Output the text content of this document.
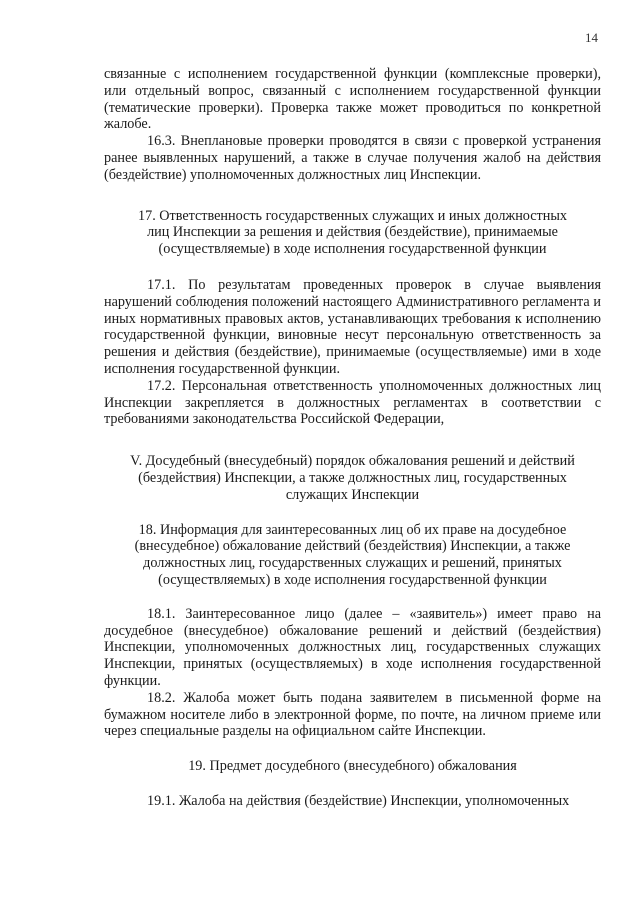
14

связанные с исполнением государственной функции (комплексные проверки), или отдельный вопрос, связанный с исполнением государственной функции (тематические проверки). Проверка также может проводиться по конкретной жалобе.

16.3. Внеплановые проверки проводятся в связи с проверкой устранения ранее выявленных нарушений, а также в случае получения жалоб на действия (бездействие) уполномоченных должностных лиц Инспекции.

17. Ответственность государственных служащих и иных должностных лиц Инспекции за решения и действия (бездействие), принимаемые (осуществляемые) в ходе исполнения государственной функции

17.1. По результатам проведенных проверок в случае выявления нарушений соблюдения положений настоящего Административного регламента и иных нормативных правовых актов, устанавливающих требования к исполнению государственной функции, виновные несут персональную ответственность за решения и действия (бездействие), принимаемые (осуществляемые) ими в ходе исполнения государственной функции.

17.2. Персональная ответственность уполномоченных должностных лиц Инспекции закрепляется в должностных регламентах в соответствии с требованиями законодательства Российской Федерации,

V. Досудебный (внесудебный) порядок обжалования решений и действий (бездействия) Инспекции, а также должностных лиц, государственных служащих Инспекции

18. Информация для заинтересованных лиц об их праве на досудебное (внесудебное) обжалование действий (бездействия) Инспекции, а также должностных лиц, государственных служащих и решений, принятых (осуществляемых) в ходе исполнения государственной функции

18.1. Заинтересованное лицо (далее – «заявитель») имеет право на досудебное (внесудебное) обжалование решений и действий (бездействия) Инспекции, уполномоченных должностных лиц, государственных служащих Инспекции, принятых (осуществляемых) в ходе исполнения государственной функции.

18.2. Жалоба может быть подана заявителем в письменной форме на бумажном носителе либо в электронной форме, по почте, на личном приеме или через специальные разделы на официальном сайте Инспекции.

19. Предмет досудебного (внесудебного) обжалования

19.1. Жалоба на действия (бездействие) Инспекции, уполномоченных
